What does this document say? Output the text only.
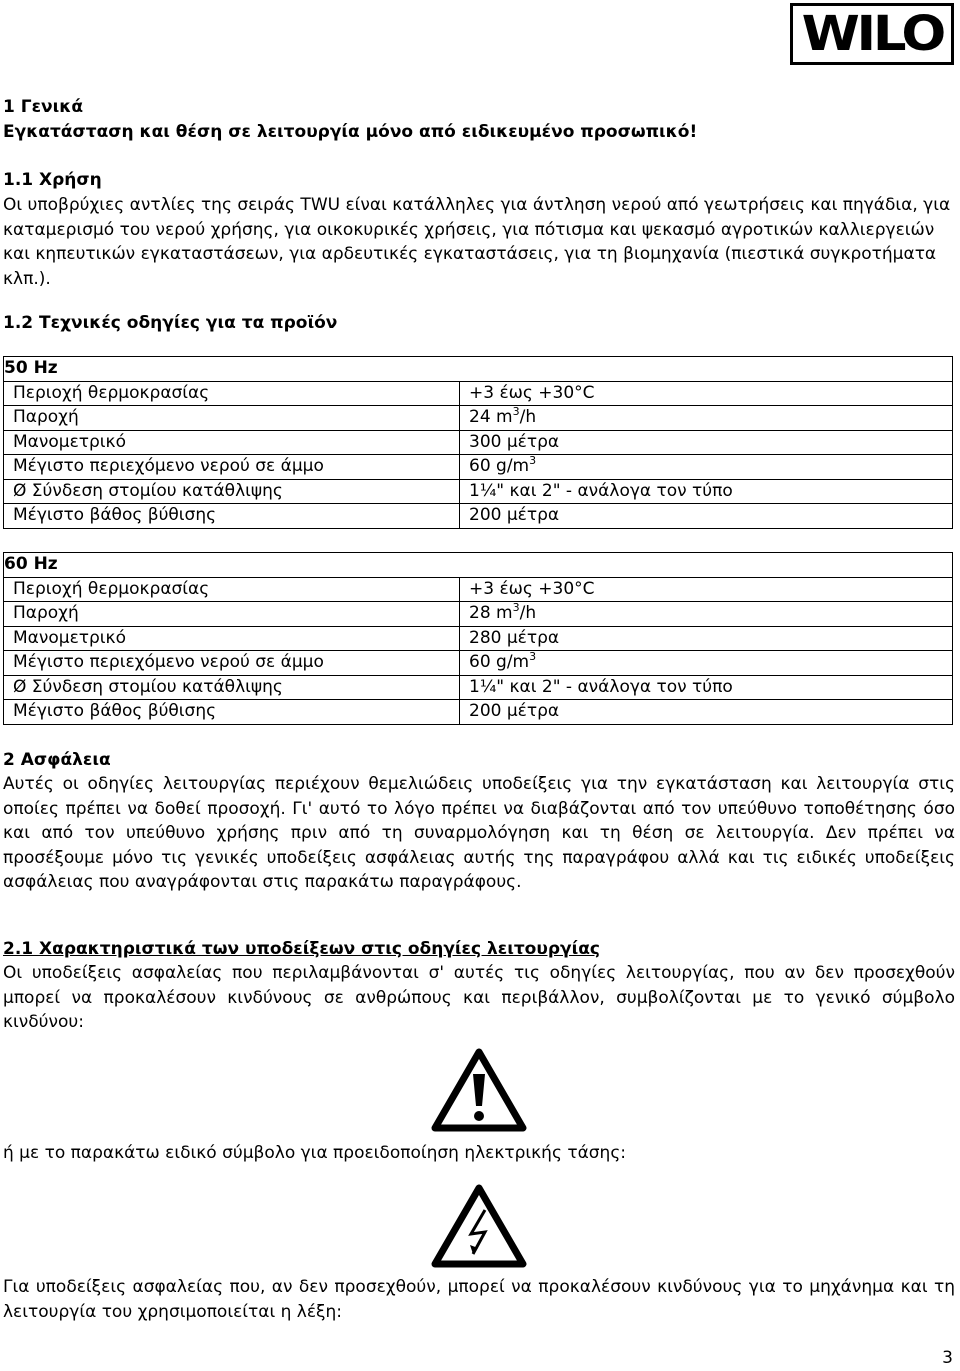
WILO
1 Γενικά
Εγκατάσταση και θέση σε λειτουργία μόνο από ειδικευμένο προσωπικό!
1.1 Χρήση
Οι υποβρύχιες αντλίες της σειράς TWU είναι κατάλληλες για άντληση νερού από γεωτρήσεις και πηγάδια, για καταμερισμό του νερού χρήσης, για οικοκυρικές χρήσεις, για πότισμα και ψεκασμό αγροτικών καλλιεργειών και κηπευτικών εγκαταστάσεων, για αρδευτικές εγκαταστάσεις, για τη βιομηχανία (πιεστικά συγκροτήματα κλπ.).
1.2 Τεχνικές οδηγίες για τα προϊόν
50 Hz	
Περιοχή θερμοκρασίας	+3 έως +30°C
Παροχή	24 $m^3/h$
Μανομετρικό	300 μέτρα
Μέγιστο περιεχόμενο νερού σε άμμο	60 $g/m^3$
Ø Σύνδεση στομίου κατάθλιψης	1¼" και 2" - ανάλογα τον τύπο
Μέγιστο βάθος βύθισης	200 μέτρα
60 Hz	
Περιοχή θερμοκρασίας	+3 έως +30°C
Παροχή	28 $m^3/h$
Μανομετρικό	280 μέτρα
Μέγιστο περιεχόμενο νερού σε άμμο	60 $g/m^3$
Ø Σύνδεση στομίου κατάθλιψης	1¼" και 2" - ανάλογα τον τύπο
Μέγιστο βάθος βύθισης	200 μέτρα
2 Ασφάλεια
Αυτές οι οδηγίες λειτουργίας περιέχουν θεμελιώδεις υποδείξεις για την εγκατάσταση και λειτουργία στις οποίες πρέπει να δοθεί προσοχή. Γι' αυτό το λόγο πρέπει να διαβάζονται από τον υπεύθυνο τοποθέτησης όσο και από τον υπεύθυνο χρήσης πριν από τη συναρμολόγηση και τη θέση σε λειτουργία. Δεν πρέπει να προσέξουμε μόνο τις γενικές υποδείξεις ασφάλειας αυτής της παραγράφου αλλά και τις ειδικές υποδείξεις ασφάλειας που αναγράφονται στις παρακάτω παραγράφους.
2.1 Χαρακτηριστικά των υποδείξεων στις οδηγίες λειτουργίας
Οι υποδείξεις ασφαλείας που περιλαμβάνονται σ' αυτές τις οδηγίες λειτουργίας, που αν δεν προσεχθούν μπορεί να προκαλέσουν κινδύνους σε ανθρώπους και περιβάλλον, συμβολίζονται με το γενικό σύμβολο κινδύνου:
ή με το παρακάτω ειδικό σύμβολο για προειδοποίηση ηλεκτρικής τάσης:
Για υποδείξεις ασφαλείας που, αν δεν προσεχθούν, μπορεί να προκαλέσουν κινδύνους για το μηχάνημα και τη λειτουργία του χρησιμοποιείται η λέξη:
3
